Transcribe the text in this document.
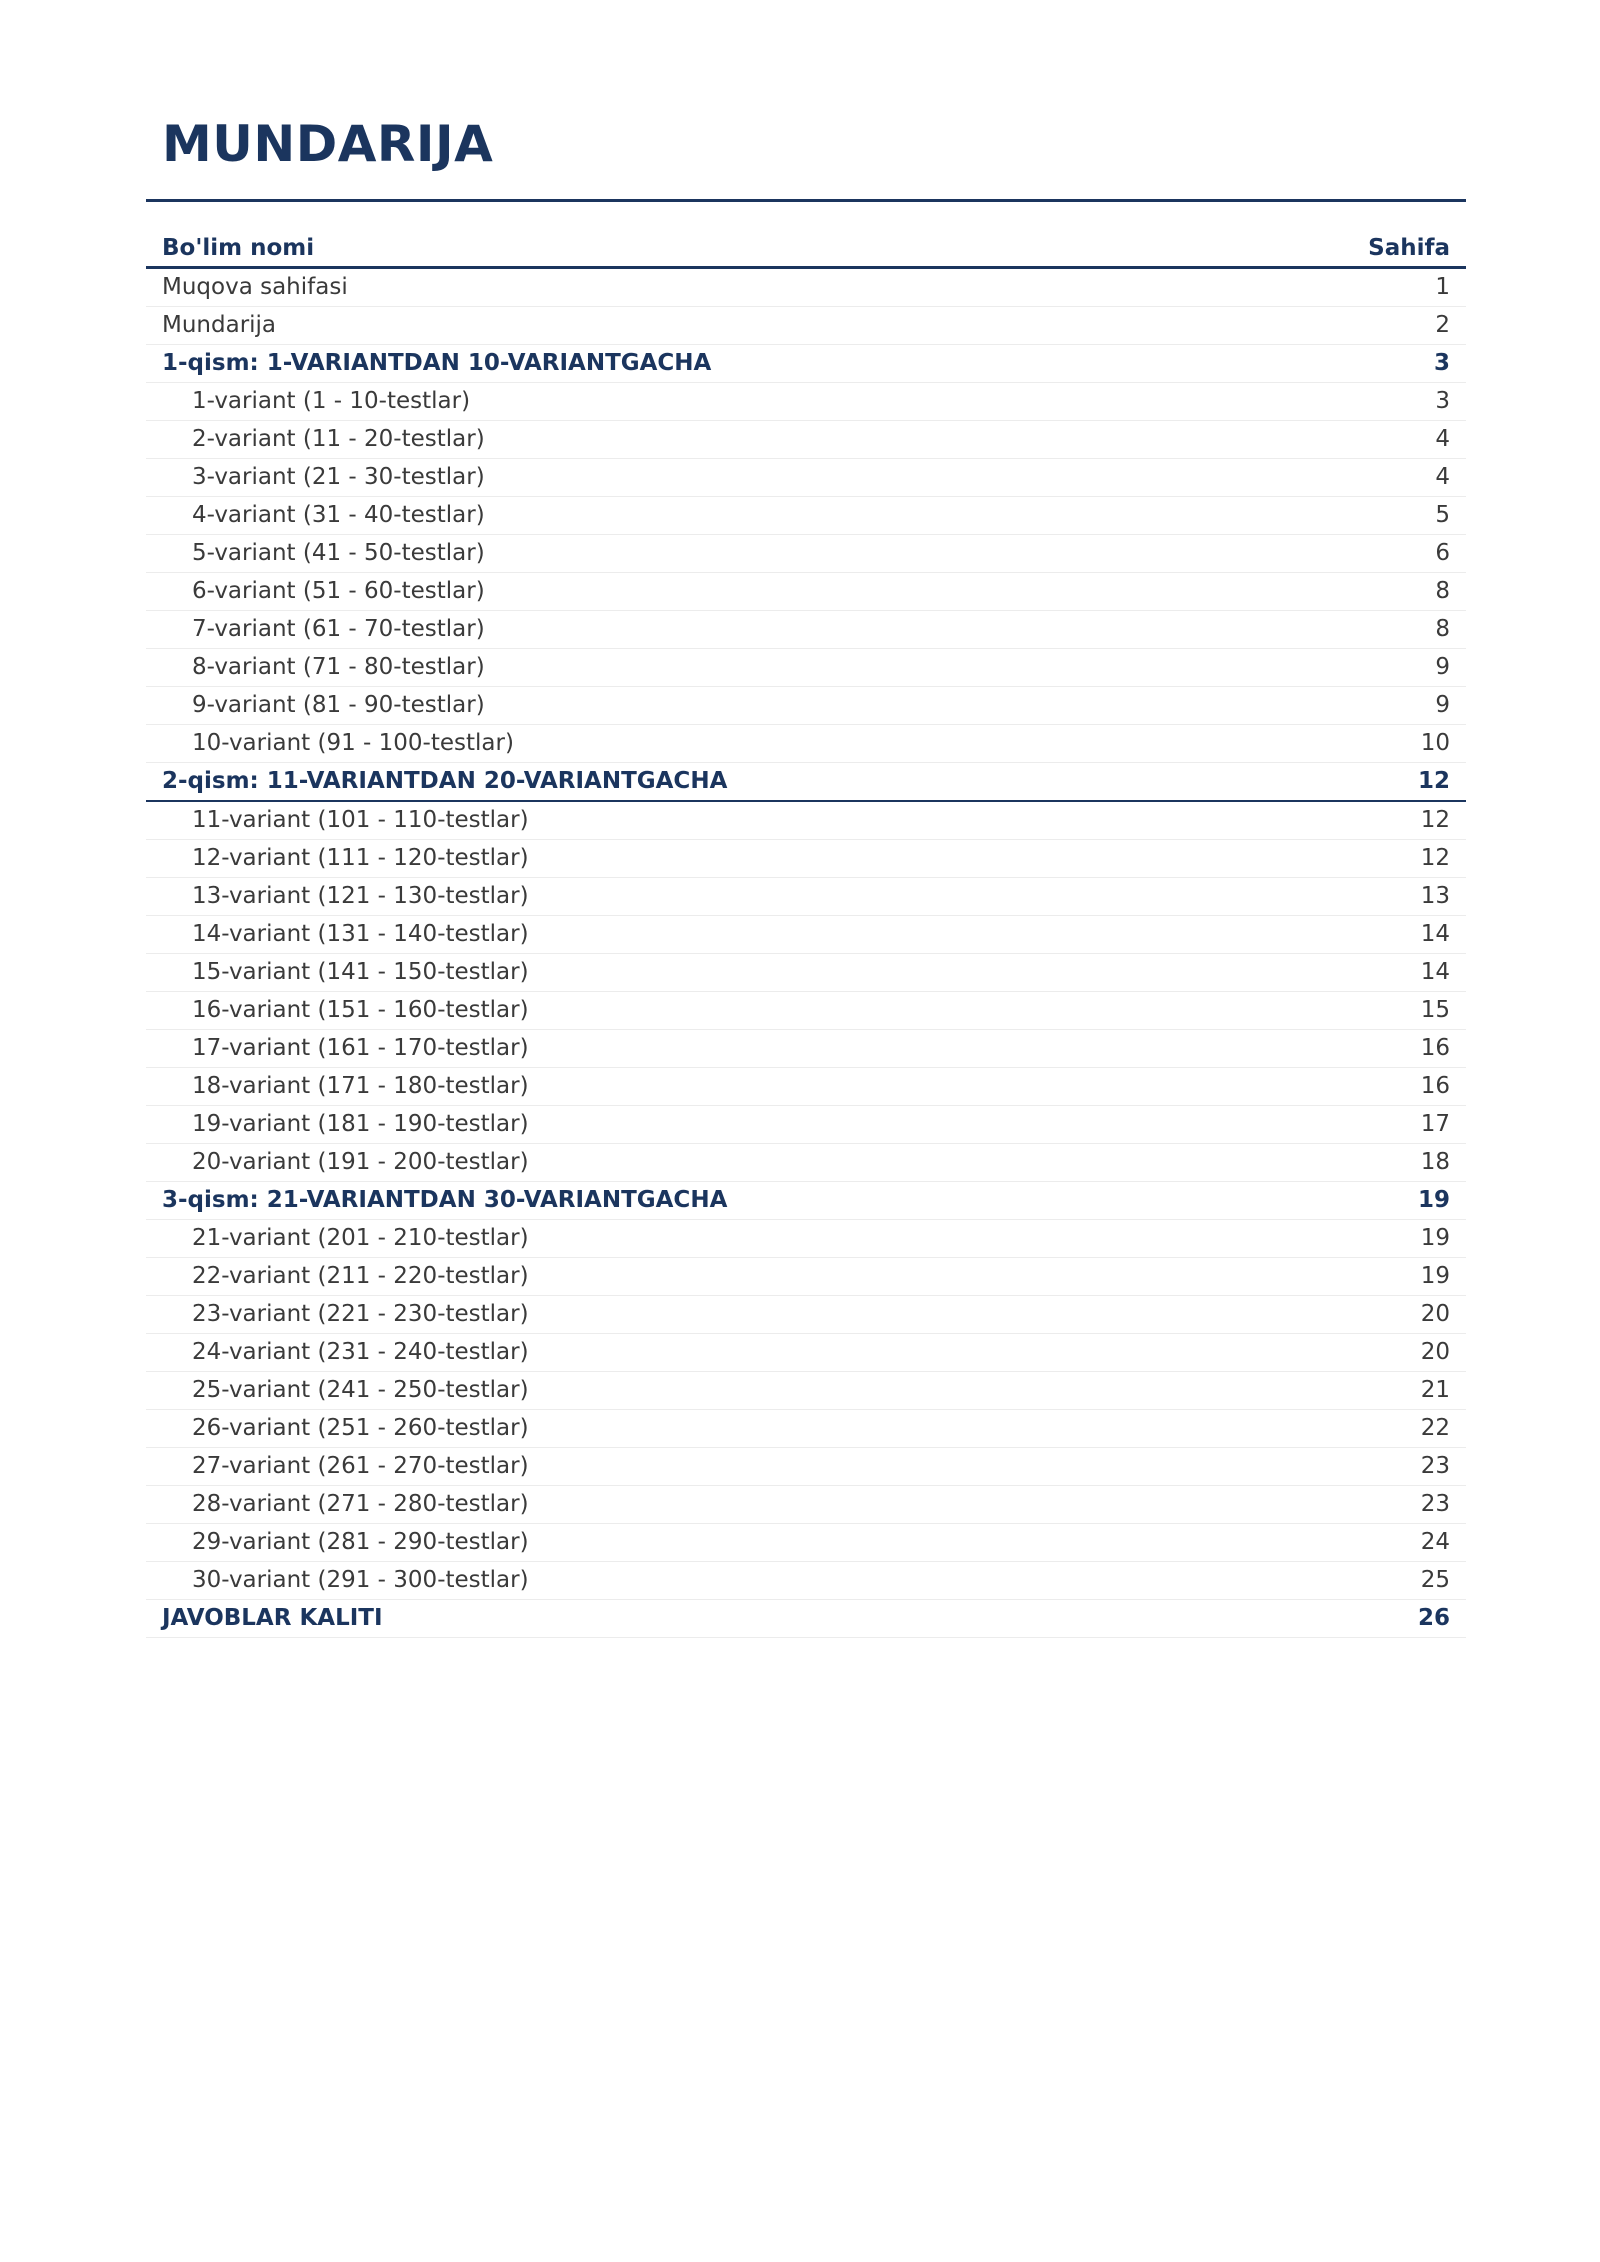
MUNDARIJA
Bo'lim nomi	Sahifa
Muqova sahifasi	1
Mundarija	2
1-qism: 1-VARIANTDAN 10-VARIANTGACHA	3
1-variant (1 - 10-testlar)	3
2-variant (11 - 20-testlar)	4
3-variant (21 - 30-testlar)	4
4-variant (31 - 40-testlar)	5
5-variant (41 - 50-testlar)	6
6-variant (51 - 60-testlar)	8
7-variant (61 - 70-testlar)	8
8-variant (71 - 80-testlar)	9
9-variant (81 - 90-testlar)	9
10-variant (91 - 100-testlar)	10
2-qism: 11-VARIANTDAN 20-VARIANTGACHA	12
11-variant (101 - 110-testlar)	12
12-variant (111 - 120-testlar)	12
13-variant (121 - 130-testlar)	13
14-variant (131 - 140-testlar)	14
15-variant (141 - 150-testlar)	14
16-variant (151 - 160-testlar)	15
17-variant (161 - 170-testlar)	16
18-variant (171 - 180-testlar)	16
19-variant (181 - 190-testlar)	17
20-variant (191 - 200-testlar)	18
3-qism: 21-VARIANTDAN 30-VARIANTGACHA	19
21-variant (201 - 210-testlar)	19
22-variant (211 - 220-testlar)	19
23-variant (221 - 230-testlar)	20
24-variant (231 - 240-testlar)	20
25-variant (241 - 250-testlar)	21
26-variant (251 - 260-testlar)	22
27-variant (261 - 270-testlar)	23
28-variant (271 - 280-testlar)	23
29-variant (281 - 290-testlar)	24
30-variant (291 - 300-testlar)	25
JAVOBLAR KALITI	26
